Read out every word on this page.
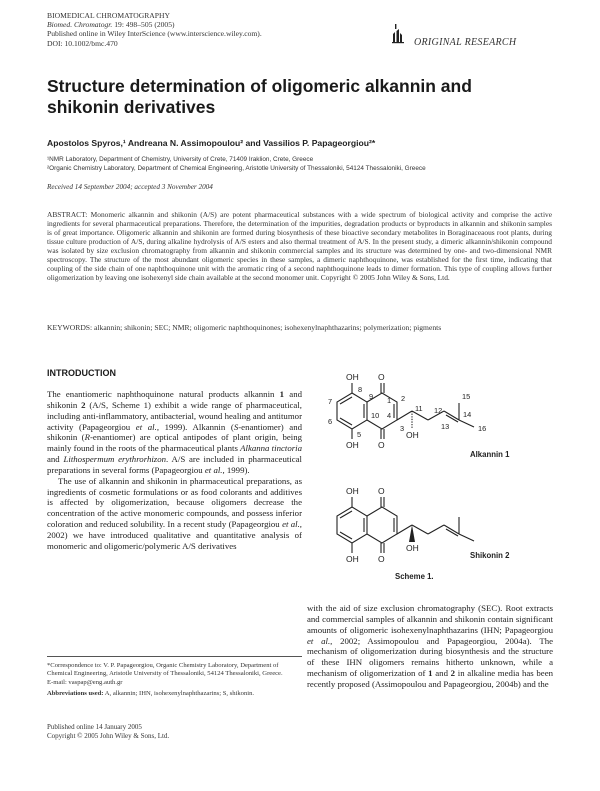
BIOMEDICAL CHROMATOGRAPHY
Biomed. Chromatogr. 19: 498–505 (2005)
Published online in Wiley InterScience (www.interscience.wiley.com).
DOI: 10.1002/bmc.470	ORIGINAL RESEARCH
Structure determination of oligomeric alkannin and shikonin derivatives
Apostolos Spyros,¹ Andreana N. Assimopoulou² and Vassilios P. Papageorgiou²*
¹NMR Laboratory, Department of Chemistry, University of Crete, 71409 Iraklion, Crete, Greece
²Organic Chemistry Laboratory, Department of Chemical Engineering, Aristotle University of Thessaloniki, 54124 Thessaloniki, Greece
Received 14 September 2004; accepted 3 November 2004
ABSTRACT: Monomeric alkannin and shikonin (A/S) are potent pharmaceutical substances with a wide spectrum of biological activity and comprise the active ingredients for several pharmaceutical preparations. Therefore, the determination of the impurities, degradation products or byproducts in alkannin and shikonin samples is of great importance. Oligomeric alkannin and shikonin are formed during biosynthesis of these bioactive secondary metabolites in Boraginaceaous root plants, during tissue culture production of A/S, during alkaline hydrolysis of A/S esters and also thermal treatment of A/S. In the present study, a dimeric alkannin/shikonin compound was isolated by size exclusion chromatography from alkannin and shikonin commercial samples and its structure was determined by one- and two-dimensional NMR spectroscopy. The structure of the most abundant oligomeric species in these samples, a dimeric naphthoquinone, was established for the first time, indicating that coupling of the side chain of one naphthoquinone unit with the aromatic ring of a second naphthoquinone leads to dimer formation. This type of coupling allows further oligomerization by leaving one isohexenyl side chain available at the second monomer unit. Copyright © 2005 John Wiley & Sons, Ltd.
KEYWORDS: alkannin; shikonin; SEC; NMR; oligomeric naphthoquinones; isohexenylnaphthazarins; polymerization; pigments
INTRODUCTION

The enantiomeric naphthoquinone natural products alkannin 1 and shikonin 2 (A/S, Scheme 1) exhibit a wide range of pharmaceutical, including anti-inflammatory, antibacterial, wound healing and antitumor activity (Papageorgiou et al., 1999). Alkannin (S-enantiomer) and shikonin (R-enantiomer) are optical antipodes of plant origin, being mainly found in the roots of the pharmaceutical plants Alkanna tinctoria and Lithospermum erythrorhizon. A/S are included in pharmaceutical preparations in several forms (Papageorgiou et al., 1999).

The use of alkannin and shikonin in pharmaceutical preparations, as ingredients of cosmetic formulations or as food colorants and additives is affected by oligomerization, because oligomers decrease the concentration of the active monomeric compounds, and possess inferior coloration and reduced solubility. In a recent study (Papageorgiou et al., 2002) we have introduced qualitative and quantitative analysis of monomeric and oligomeric/polymeric A/S derivatives

with the aid of size exclusion chromatography (SEC). Root extracts and commercial samples of alkannin and shikonin contain significant amounts of oligomeric isohexenylnaphthazarins (IHN; Papageorgiou et al., 2002; Assimopoulou and Papageorgiou, 2004a). The mechanism of oligomerization during biosynthesis and the structure of these IHN oligomers remains hitherto unknown, while a mechanism of oligomerization of 1 and 2 in alkaline media has been recently proposed (Assimopoulou and Papageorgiou, 2004b) and the

OH O
OH O
OH
8
7
6
5
9
10
1 2
4
3
11 12
13
14
15
16
Alkannin 1
OH O
OH O
OH
Shikonin 2
Scheme 1.
*Correspondence to: V. P. Papageorgiou, Organic Chemistry Laboratory, Department of Chemical Engineering, Aristotle University of Thessaloniki, 54124 Thessaloniki, Greece.
E-mail: vaspap@eng.auth.gr
Abbreviations used: A, alkannin; IHN, isohexenylnaphthazarins; S, shikonin.
Published online 14 January 2005
Copyright © 2005 John Wiley & Sons, Ltd.
